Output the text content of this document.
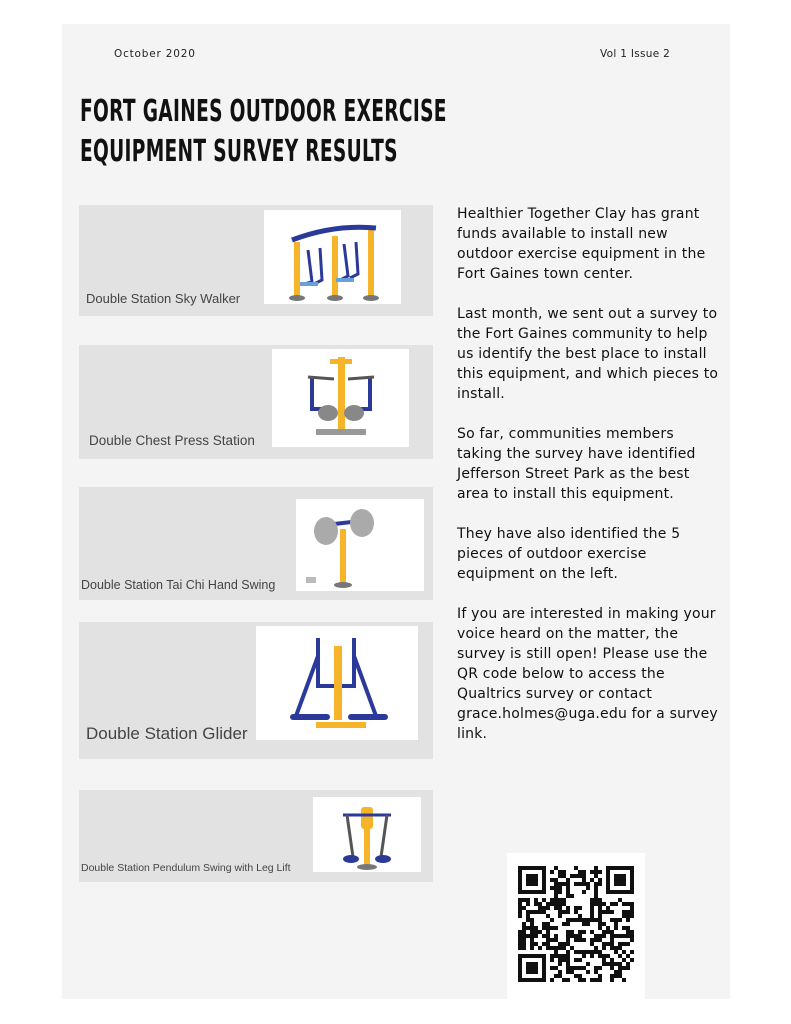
October 2020	Vol 1 Issue 2
FORT GAINES OUTDOOR EXERCISE
EQUIPMENT SURVEY RESULTS
Double Station Sky Walker
Double Chest Press Station
Double Station Tai Chi Hand Swing
Double Station Glider
Double Station Pendulum Swing with Leg Lift

Healthier Together Clay has grant funds available to install new outdoor exercise equipment in the Fort Gaines town center.

Last month, we sent out a survey to the Fort Gaines community to help us identify the best place to install this equipment, and which pieces to install.

So far, communities members taking the survey have identified Jefferson Street Park as the best area to install this equipment.

They have also identified the 5 pieces of outdoor exercise equipment on the left.

If you are interested in making your voice heard on the matter, the survey is still open! Please use the QR code below to access the Qualtrics survey or contact grace.holmes@uga.edu for a survey link.
